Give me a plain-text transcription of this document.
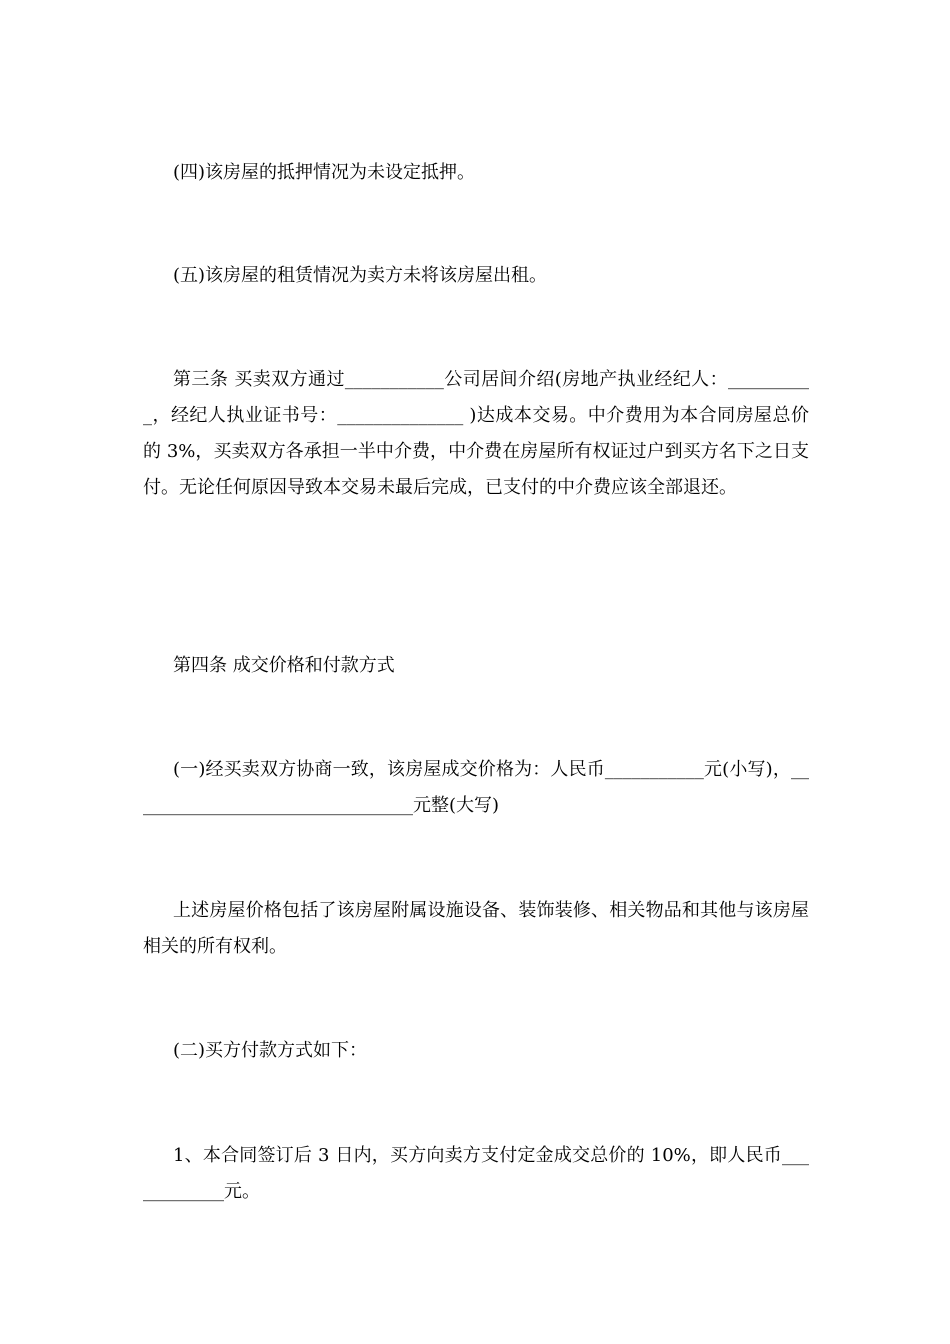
(四)该房屋的抵押情况为未设定抵押。

(五)该房屋的租赁情况为卖方未将该房屋出租。

第三条 买卖双方通过___________公司居间介绍(房地产执业经纪人：__________，经纪人执业证书号：______________ )达成本交易。中介费用为本合同房屋总价的 3%，买卖双方各承担一半中介费，中介费在房屋所有权证过户到买方名下之日支付。无论任何原因导致本交易未最后完成，已支付的中介费应该全部退还。

第四条 成交价格和付款方式

(一)经买卖双方协商一致，该房屋成交价格为：人民币___________元(小写)，________________________________元整(大写)

上述房屋价格包括了该房屋附属设施设备、装饰装修、相关物品和其他与该房屋相关的所有权利。

(二)买方付款方式如下：

1、本合同签订后 3 日内，买方向卖方支付定金成交总价的 10%，即人民币____________元。
